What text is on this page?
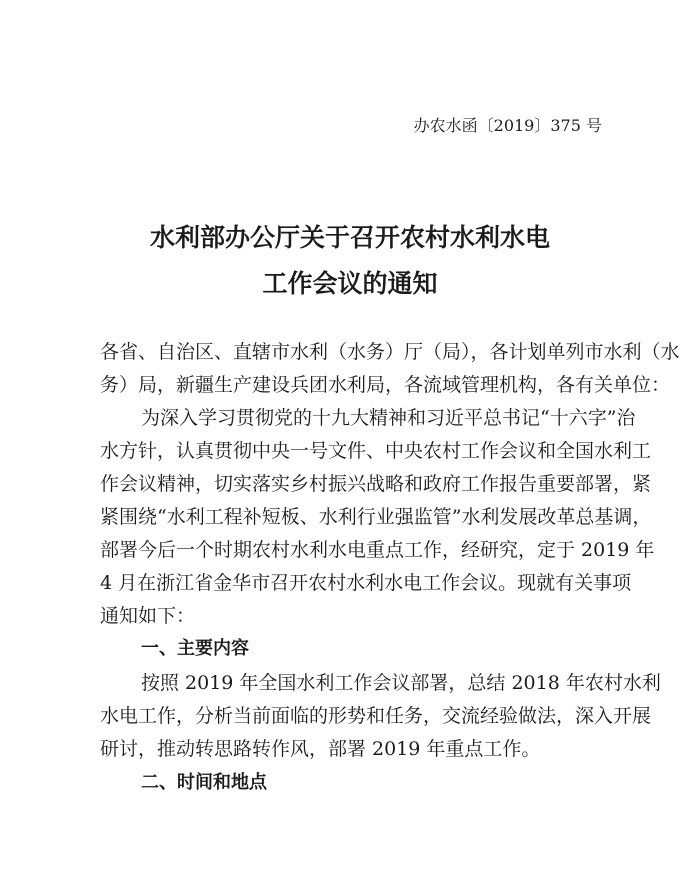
办农水函〔2019〕375 号
水利部办公厅关于召开农村水利水电
工作会议的通知
各省、自治区、直辖市水利（水务）厅（局），各计划单列市水利（水
务）局，新疆生产建设兵团水利局，各流域管理机构，各有关单位：
为深入学习贯彻党的十九大精神和习近平总书记“十六字”治
水方针，认真贯彻中央一号文件、中央农村工作会议和全国水利工
作会议精神，切实落实乡村振兴战略和政府工作报告重要部署，紧
紧围绕“水利工程补短板、水利行业强监管”水利发展改革总基调，
部署今后一个时期农村水利水电重点工作，经研究，定于 2019 年
4 月在浙江省金华市召开农村水利水电工作会议。现就有关事项
通知如下：
一、主要内容
按照 2019 年全国水利工作会议部署，总结 2018 年农村水利
水电工作，分析当前面临的形势和任务，交流经验做法，深入开展
研讨，推动转思路转作风，部署 2019 年重点工作。
二、时间和地点
